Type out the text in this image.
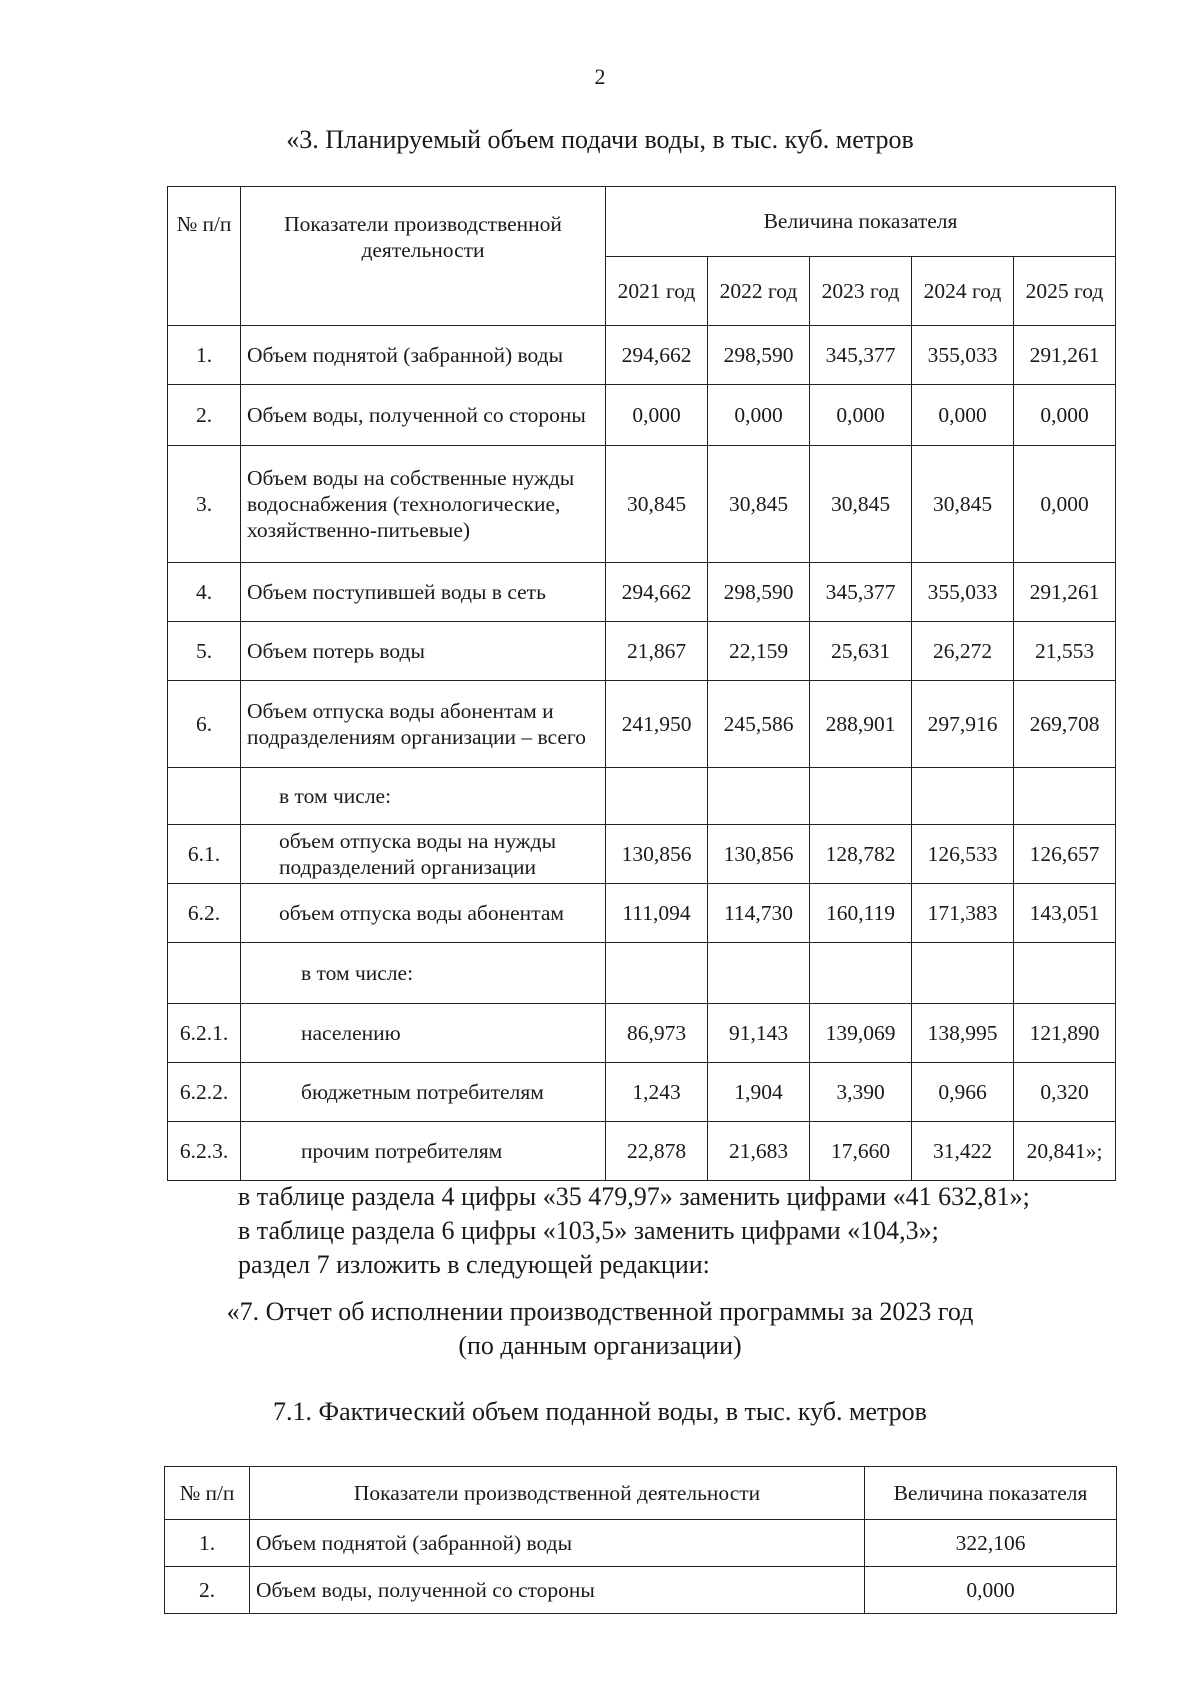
2
«3. Планируемый объем подачи воды, в тыс. куб. метров
№ п/п	Показатели производственной деятельности	Величина показателя				
		2021 год	2022 год	2023 год	2024 год	2025 год
1.	Объем поднятой (забранной) воды	294,662	298,590	345,377	355,033	291,261
2.	Объем воды, полученной со стороны	0,000	0,000	0,000	0,000	0,000
3.	Объем воды на собственные нужды водоснабжения (технологические, хозяйственно-питьевые)	30,845	30,845	30,845	30,845	0,000
4.	Объем поступившей воды в сеть	294,662	298,590	345,377	355,033	291,261
5.	Объем потерь воды	21,867	22,159	25,631	26,272	21,553
6.	Объем отпуска воды абонентам и подразделениям организации – всего	241,950	245,586	288,901	297,916	269,708
	в том числе:					
6.1.	объем отпуска воды на нужды подразделений организации	130,856	130,856	128,782	126,533	126,657
6.2.	объем отпуска воды абонентам	111,094	114,730	160,119	171,383	143,051
	в том числе:					
6.2.1.	населению	86,973	91,143	139,069	138,995	121,890
6.2.2.	бюджетным потребителям	1,243	1,904	3,390	0,966	0,320
6.2.3.	прочим потребителям	22,878	21,683	17,660	31,422	20,841»;
в таблице раздела 4 цифры «35 479,97» заменить цифрами «41 632,81»;
в таблице раздела 6 цифры «103,5» заменить цифрами «104,3»;
раздел 7 изложить в следующей редакции:
«7. Отчет об исполнении производственной программы за 2023 год
(по данным организации)
7.1. Фактический объем поданной воды, в тыс. куб. метров
№ п/п	Показатели производственной деятельности	Величина показателя
1.	Объем поднятой (забранной) воды	322,106
2.	Объем воды, полученной со стороны	0,000
